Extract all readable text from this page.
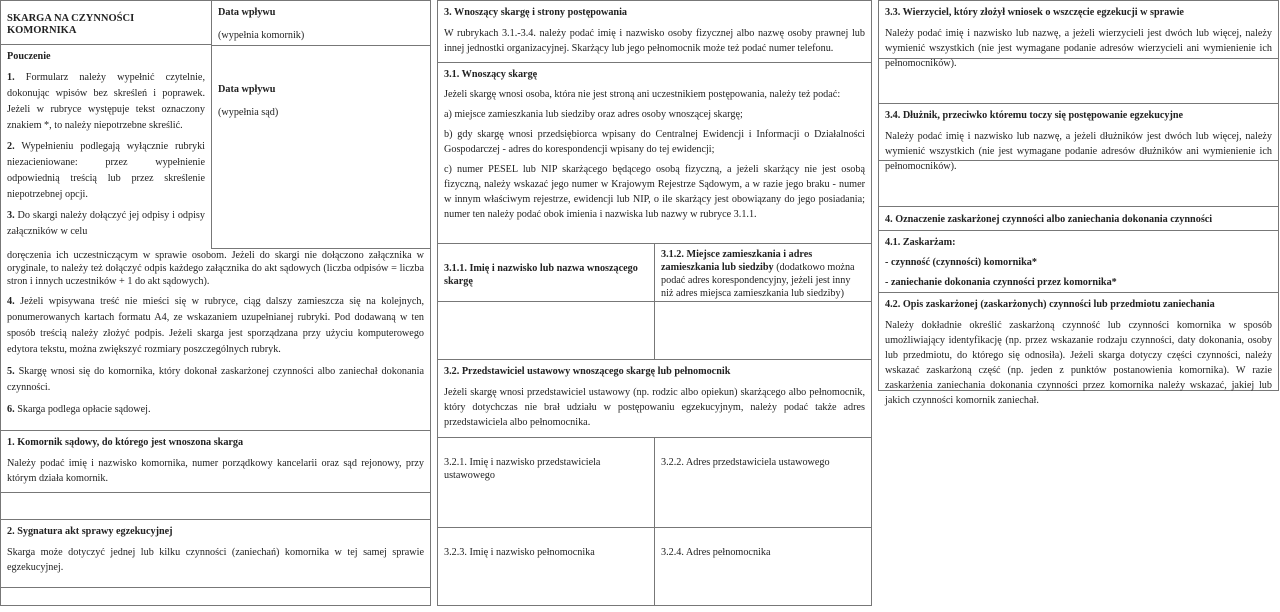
SKARGA NA CZYNNOŚCI KOMORNIKA

Pouczenie

1. Formularz należy wypełnić czytelnie, dokonując wpisów bez skreśleń i poprawek. Jeżeli w rubryce występuje tekst oznaczony znakiem *, to należy niepotrzebne skreślić.

2. Wypełnieniu podlegają wyłącznie rubryki niezacieniowane: przez wypełnienie odpowiednią treścią lub przez skreślenie niepotrzebnej opcji.

3. Do skargi należy dołączyć jej odpisy i odpisy załączników w celu

Data wpływu
(wypełnia komornik)
Data wpływu
(wypełnia sąd)

doręczenia ich uczestniczącym w sprawie osobom. Jeżeli do skargi nie dołączono załącznika w oryginale, to należy też dołączyć odpis każdego załącznika do akt sądowych (liczba odpisów = liczba stron i innych uczestników + 1 do akt sądowych).

4. Jeżeli wpisywana treść nie mieści się w rubryce, ciąg dalszy zamieszcza się na kolejnych, ponumerowanych kartach formatu A4, ze wskazaniem uzupełnianej rubryki. Pod dodawaną w ten sposób treścią należy złożyć podpis. Jeżeli skarga jest sporządzana przy użyciu komputerowego edytora tekstu, można zwiększyć rozmiary poszczególnych rubryk.

5. Skargę wnosi się do komornika, który dokonał zaskarżonej czynności albo zaniechał dokonania czynności.

6. Skarga podlega opłacie sądowej.

1. Komornik sądowy, do którego jest wnoszona skarga

Należy podać imię i nazwisko komornika, numer porządkowy kancelarii oraz sąd rejonowy, przy którym działa komornik.

2. Sygnatura akt sprawy egzekucyjnej

Skarga może dotyczyć jednej lub kilku czynności (zaniechań) komornika w tej samej sprawie egzekucyjnej.

3. Wnoszący skargę i strony postępowania

W rubrykach 3.1.-3.4. należy podać imię i nazwisko osoby fizycznej albo nazwę osoby prawnej lub innej jednostki organizacyjnej. Skarżący lub jego pełnomocnik może też podać numer telefonu.

3.1. Wnoszący skargę

Jeżeli skargę wnosi osoba, która nie jest stroną ani uczestnikiem postępowania, należy też podać:

a) miejsce zamieszkania lub siedziby oraz adres osoby wnoszącej skargę;

b) gdy skargę wnosi przedsiębiorca wpisany do Centralnej Ewidencji i Informacji o Działalności Gospodarczej - adres do korespondencji wpisany do tej ewidencji;

c) numer PESEL lub NIP skarżącego będącego osobą fizyczną, a jeżeli skarżący nie jest osobą fizyczną, należy wskazać jego numer w Krajowym Rejestrze Sądowym, a w razie jego braku - numer w innym właściwym rejestrze, ewidencji lub NIP, o ile skarżący jest obowiązany do jego posiadania; numer ten należy podać obok imienia i nazwiska lub nazwy w rubryce 3.1.1.

3.1.1. Imię i nazwisko lub nazwa wnoszącego skargę
3.1.2. Miejsce zamieszkania i adres zamieszkania lub siedziby (dodatkowo można podać adres korespondencyjny, jeżeli jest inny niż adres miejsca zamieszkania lub siedziby)

3.2. Przedstawiciel ustawowy wnoszącego skargę lub pełnomocnik

Jeżeli skargę wnosi przedstawiciel ustawowy (np. rodzic albo opiekun) skarżącego albo pełnomocnik, który dotychczas nie brał udziału w postępowaniu egzekucyjnym, należy podać także adres przedstawiciela albo pełnomocnika.

3.2.1. Imię i nazwisko przedstawiciela ustawowego
3.2.2. Adres przedstawiciela ustawowego
3.2.3. Imię i nazwisko pełnomocnika	3.2.4. Adres pełnomocnika

3.3. Wierzyciel, który złożył wniosek o wszczęcie egzekucji w sprawie

Należy podać imię i nazwisko lub nazwę, a jeżeli wierzycieli jest dwóch lub więcej, należy wymienić wszystkich (nie jest wymagane podanie adresów wierzycieli ani wymienienie ich pełnomocników).

3.4. Dłużnik, przeciwko któremu toczy się postępowanie egzekucyjne

Należy podać imię i nazwisko lub nazwę, a jeżeli dłużników jest dwóch lub więcej, należy wymienić wszystkich (nie jest wymagane podanie adresów dłużników ani wymienienie ich pełnomocników).

4. Oznaczenie zaskarżonej czynności albo zaniechania dokonania czynności

4.1. Zaskarżam:

- czynność (czynności) komornika*

- zaniechanie dokonania czynności przez komornika*

4.2. Opis zaskarżonej (zaskarżonych) czynności lub przedmiotu zaniechania

Należy dokładnie określić zaskarżoną czynność lub czynności komornika w sposób umożliwiający identyfikację (np. przez wskazanie rodzaju czynności, daty dokonania, osoby lub przedmiotu, do którego się odnosiła). Jeżeli skarga dotyczy części czynności, należy wskazać zaskarżoną część (np. jeden z punktów postanowienia komornika). W razie zaskarżenia zaniechania dokonania czynności przez komornika należy wskazać, jakiej lub jakich czynności komornik zaniechał.
